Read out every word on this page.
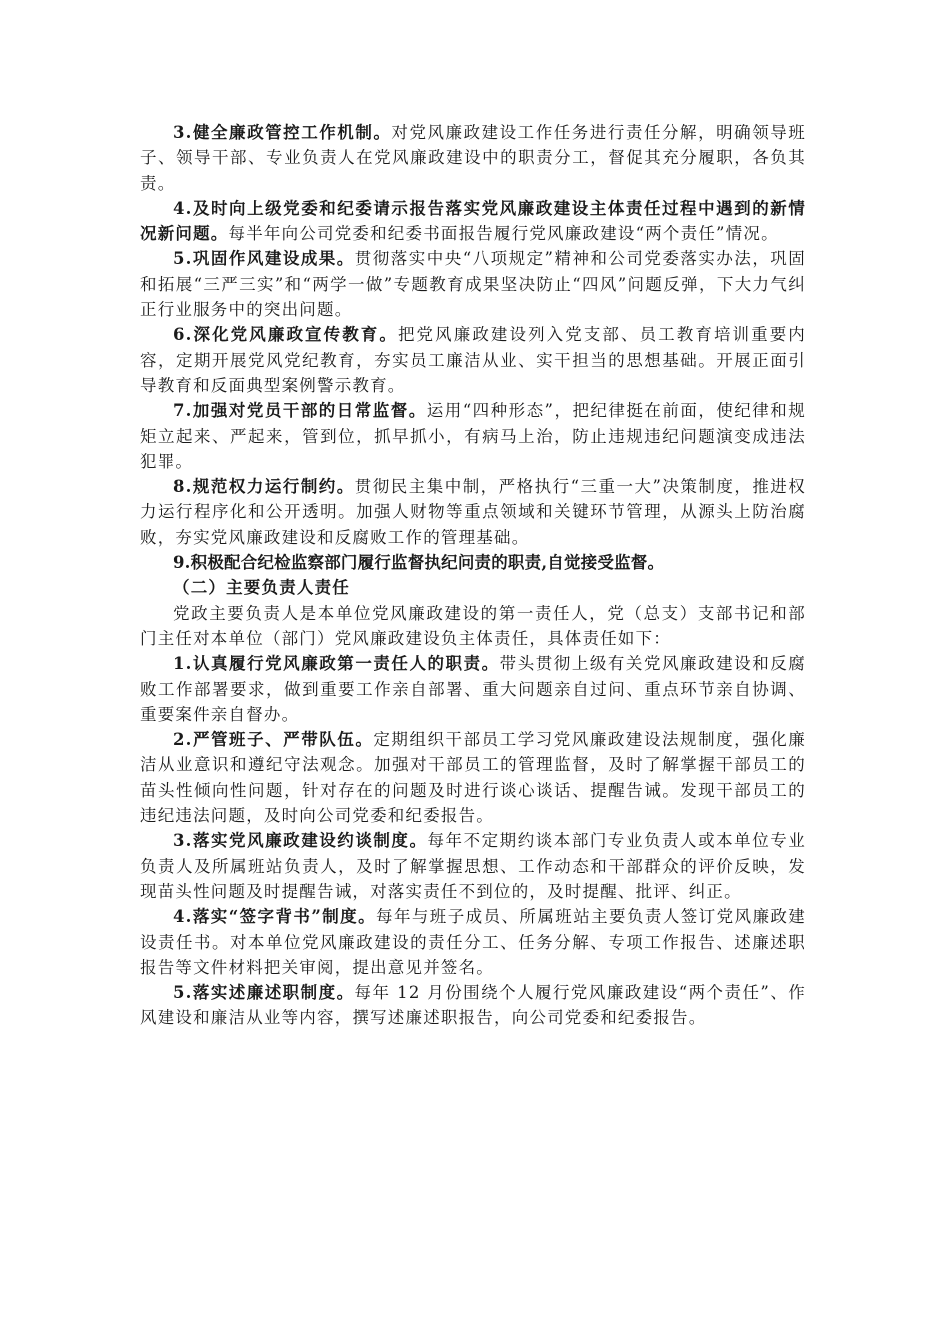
3.健全廉政管控工作机制。对党风廉政建设工作任务进行责任分解，明确领导班子、领导干部、专业负责人在党风廉政建设中的职责分工，督促其充分履职，各负其责。

4.及时向上级党委和纪委请示报告落实党风廉政建设主体责任过程中遇到的新情况新问题。每半年向公司党委和纪委书面报告履行党风廉政建设“两个责任”情况。

5.巩固作风建设成果。贯彻落实中央“八项规定”精神和公司党委落实办法，巩固和拓展“三严三实”和“两学一做”专题教育成果坚决防止“四风”问题反弹，下大力气纠正行业服务中的突出问题。

6.深化党风廉政宣传教育。把党风廉政建设列入党支部、员工教育培训重要内容，定期开展党风党纪教育，夯实员工廉洁从业、实干担当的思想基础。开展正面引导教育和反面典型案例警示教育。

7.加强对党员干部的日常监督。运用“四种形态”，把纪律挺在前面，使纪律和规矩立起来、严起来，管到位，抓早抓小，有病马上治，防止违规违纪问题演变成违法犯罪。

8.规范权力运行制约。贯彻民主集中制，严格执行“三重一大”决策制度，推进权力运行程序化和公开透明。加强人财物等重点领域和关键环节管理，从源头上防治腐败，夯实党风廉政建设和反腐败工作的管理基础。

9.积极配合纪检监察部门履行监督执纪问责的职责,自觉接受监督。

（二）主要负责人责任

党政主要负责人是本单位党风廉政建设的第一责任人，党（总支）支部书记和部门主任对本单位（部门）党风廉政建设负主体责任，具体责任如下：

1.认真履行党风廉政第一责任人的职责。带头贯彻上级有关党风廉政建设和反腐败工作部署要求，做到重要工作亲自部署、重大问题亲自过问、重点环节亲自协调、重要案件亲自督办。

2.严管班子、严带队伍。定期组织干部员工学习党风廉政建设法规制度，强化廉洁从业意识和遵纪守法观念。加强对干部员工的管理监督，及时了解掌握干部员工的苗头性倾向性问题，针对存在的问题及时进行谈心谈话、提醒告诫。发现干部员工的违纪违法问题，及时向公司党委和纪委报告。

3.落实党风廉政建设约谈制度。每年不定期约谈本部门专业负责人或本单位专业负责人及所属班站负责人，及时了解掌握思想、工作动态和干部群众的评价反映，发现苗头性问题及时提醒告诫，对落实责任不到位的，及时提醒、批评、纠正。

4.落实“签字背书”制度。每年与班子成员、所属班站主要负责人签订党风廉政建设责任书。对本单位党风廉政建设的责任分工、任务分解、专项工作报告、述廉述职报告等文件材料把关审阅，提出意见并签名。

5.落实述廉述职制度。每年 12 月份围绕个人履行党风廉政建设“两个责任”、作风建设和廉洁从业等内容，撰写述廉述职报告，向公司党委和纪委报告。
